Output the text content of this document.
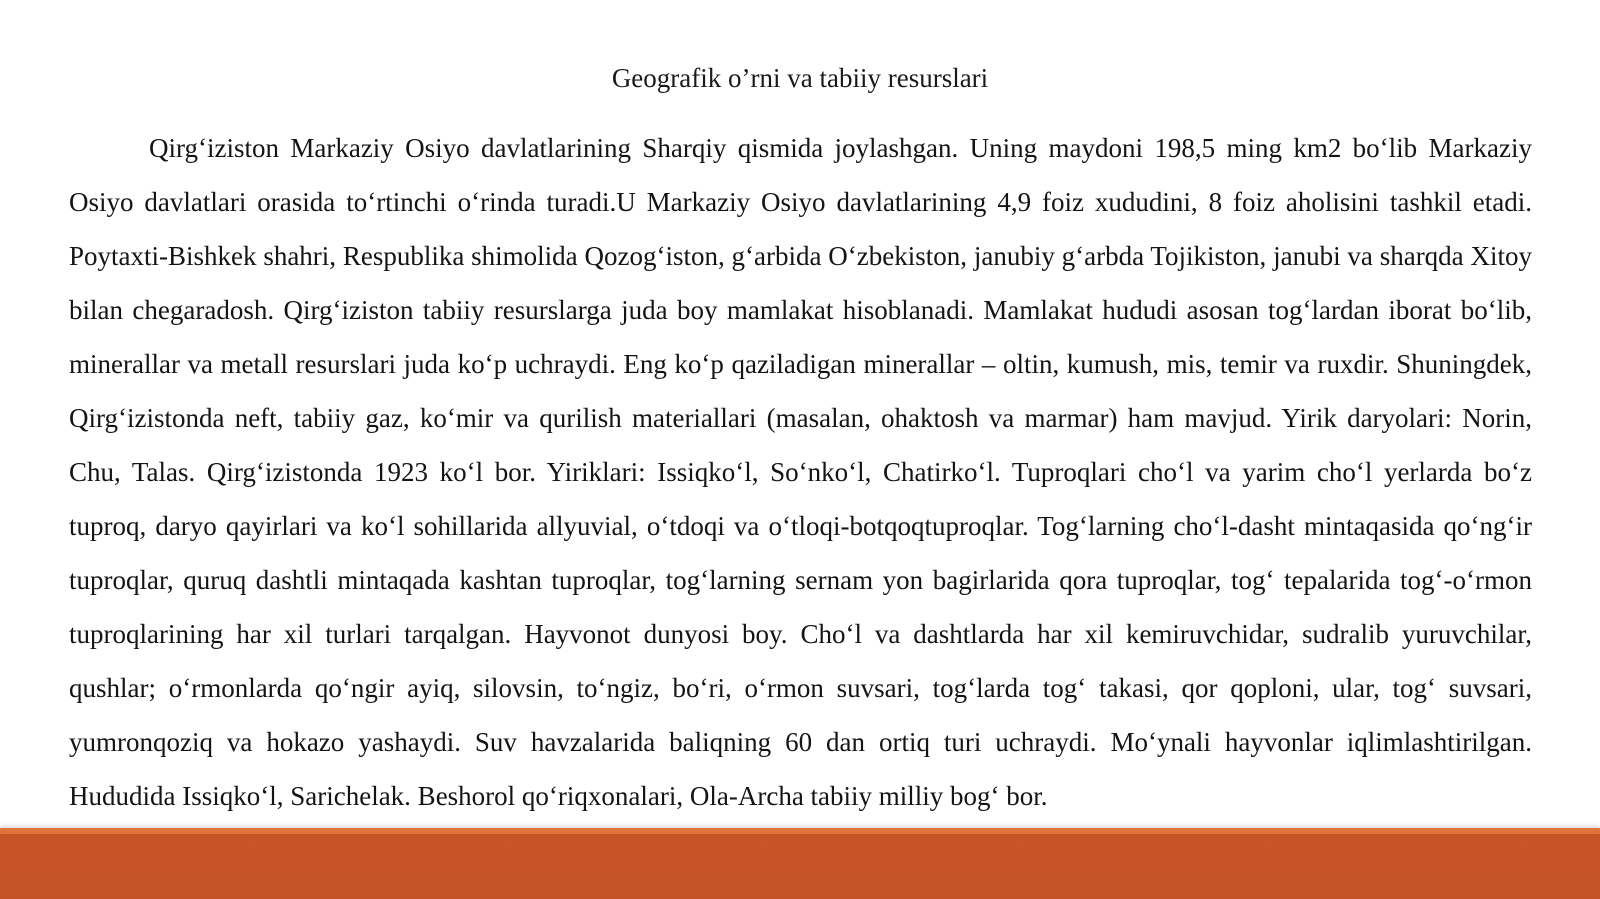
Geografik o’rni va tabiiy resurslari

Qirg‘iziston Markaziy Osiyo davlatlarining Sharqiy qismida joylashgan. Uning maydoni 198,5 ming km2 bo‘lib Markaziy Osiyo davlatlari orasida to‘rtinchi o‘rinda turadi.U Markaziy Osiyo davlatlarining 4,9 foiz xududini, 8 foiz aholisini tashkil etadi. Poytaxti-Bishkek shahri, Respublika shimolida Qozog‘iston, g‘arbida O‘zbekiston, janubiy g‘arbda Tojikiston, janubi va sharqda Xitoy bilan chegaradosh. Qirg‘iziston tabiiy resurslarga juda boy mamlakat hisoblanadi. Mamlakat hududi asosan tog‘lardan iborat bo‘lib, minerallar va metall resurslari juda ko‘p uchraydi. Eng ko‘p qaziladigan minerallar – oltin, kumush, mis, temir va ruxdir. Shuningdek, Qirg‘izistonda neft, tabiiy gaz, ko‘mir va qurilish materiallari (masalan, ohaktosh va marmar) ham mavjud. Yirik daryolari: Norin, Chu, Talas. Qirg‘izistonda 1923 ko‘l bor. Yiriklari: Issiqko‘l, So‘nko‘l, Chatirko‘l. Tuproqlari cho‘l va yarim cho‘l yerlarda bo‘z tuproq, daryo qayirlari va ko‘l sohillarida allyuvial, o‘tdoqi va o‘tloqi-botqoqtuproqlar. Tog‘larning cho‘l-dasht mintaqasida qo‘ng‘ir tuproqlar, quruq dashtli mintaqada kashtan tuproqlar, tog‘larning sernam yon bagirlarida qora tuproqlar, tog‘ tepalarida tog‘-o‘rmon tuproqlarining har xil turlari tarqalgan. Hayvonot dunyosi boy. Cho‘l va dashtlarda har xil kemiruvchidar, sudralib yuruvchilar, qushlar; o‘rmonlarda qo‘ngir ayiq, silovsin, to‘ngiz, bo‘ri, o‘rmon suvsari, tog‘larda tog‘ takasi, qor qoploni, ular, tog‘ suvsari, yumronqoziq va hokazo yashaydi. Suv havzalarida baliqning 60 dan ortiq turi uchraydi. Mo‘ynali hayvonlar iqlimlashtirilgan. Hududida Issiqko‘l, Sarichelak. Beshorol qo‘riqxonalari, Ola-Archa tabiiy milliy bog‘ bor.
